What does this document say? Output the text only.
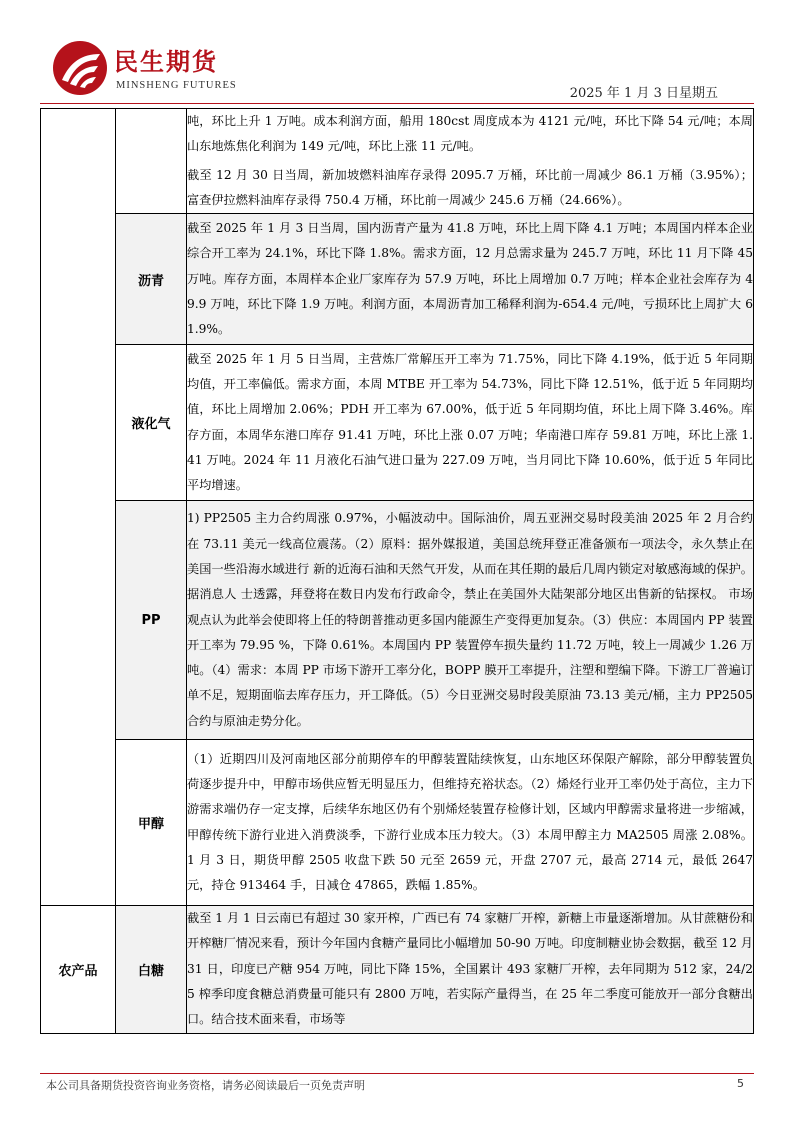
民生期货
MINSHENG FUTURES
2025 年 1 月 3 日星期五

		吨，环比上升 1 万吨。成本利润方面，船用 180cst 周度成本为 4121 元/吨，环比下降 54 元/吨；本周山东地炼焦化利润为 149 元/吨，环比上涨 11 元/吨。

截至 12 月 30 日当周，新加坡燃料油库存录得 2095.7 万桶，环比前一周减少 86.1 万桶（3.95%）；富查伊拉燃料油库存录得 750.4 万桶，环比前一周减少 245.6 万桶（24.66%）。

	沥青	截至 2025 年 1 月 3 日当周，国内沥青产量为 41.8 万吨，环比上周下降 4.1 万吨；本周国内样本企业综合开工率为 24.1%，环比下降 1.8%。需求方面，12 月总需求量为 245.7 万吨，环比 11 月下降 45 万吨。库存方面，本周样本企业厂家库存为 57.9 万吨，环比上周增加 0.7 万吨；样本企业社会库存为 49.9 万吨，环比下降 1.9 万吨。利润方面，本周沥青加工稀释利润为-654.4 元/吨，亏损环比上周扩大 61.9%。

	液化气	截至 2025 年 1 月 5 日当周，主营炼厂常解压开工率为 71.75%，同比下降 4.19%，低于近 5 年同期均值，开工率偏低。需求方面，本周 MTBE 开工率为 54.73%，同比下降 12.51%，低于近 5 年同期均值，环比上周增加 2.06%；PDH 开工率为 67.00%，低于近 5 年同期均值，环比上周下降 3.46%。库存方面，本周华东港口库存 91.41 万吨，环比上涨 0.07 万吨；华南港口库存 59.81 万吨，环比上涨 1.41 万吨。2024 年 11 月液化石油气进口量为 227.09 万吨，当月同比下降 10.60%，低于近 5 年同比平均增速。

	PP	1) PP2505 主力合约周涨 0.97%，小幅波动中。国际油价，周五亚洲交易时段美油 2025 年 2 月合约在 73.11 美元一线高位震荡。（2）原料：据外媒报道，美国总统拜登正准备颁布一项法令，永久禁止在美国一些沿海水域进行 新的近海石油和天然气开发，从而在其任期的最后几周内锁定对敏感海域的保护。据消息人 士透露，拜登将在数日内发布行政命令，禁止在美国外大陆架部分地区出售新的钻探权。 市场观点认为此举会使即将上任的特朗普推动更多国内能源生产变得更加复杂。（3）供应：本周国内 PP 装置开工率为 79.95 %，下降 0.61%。本周国内 PP 装置停车损失量约 11.72 万吨，较上一周减少 1.26 万吨。（4）需求：本周 PP 市场下游开工率分化，BOPP 膜开工率提升，注塑和塑编下降。下游工厂普遍订单不足，短期面临去库存压力，开工降低。（5）今日亚洲交易时段美原油 73.13 美元/桶，主力 PP2505 合约与原油走势分化。

	甲醇	（1）近期四川及河南地区部分前期停车的甲醇装置陆续恢复，山东地区环保限产解除，部分甲醇装置负荷逐步提升中，甲醇市场供应暂无明显压力，但维持充裕状态。（2）烯烃行业开工率仍处于高位，主力下游需求端仍存一定支撑，后续华东地区仍有个别烯烃装置存检修计划，区域内甲醇需求量将进一步缩减，甲醇传统下游行业进入消费淡季，下游行业成本压力较大。（3）本周甲醇主力 MA2505 周涨 2.08%。 1 月 3 日，期货甲醇 2505 收盘下跌 50 元至 2659 元，开盘 2707 元，最高 2714 元，最低 2647 元，持仓 913464 手，日减仓 47865，跌幅 1.85%。

农产品	白糖	截至 1 月 1 日云南已有超过 30 家开榨，广西已有 74 家糖厂开榨，新糖上市量逐渐增加。从甘蔗糖份和开榨糖厂情况来看，预计今年国内食糖产量同比小幅增加 50-90 万吨。印度制糖业协会数据，截至 12 月 31 日，印度已产糖 954 万吨，同比下降 15%，全国累计 493 家糖厂开榨，去年同期为 512 家，24/25 榨季印度食糖总消费量可能只有 2800 万吨，若实际产量得当，在 25 年二季度可能放开一部分食糖出口。结合技术面来看，市场等

本公司具备期货投资咨询业务资格，请务必阅读最后一页免责声明	5
